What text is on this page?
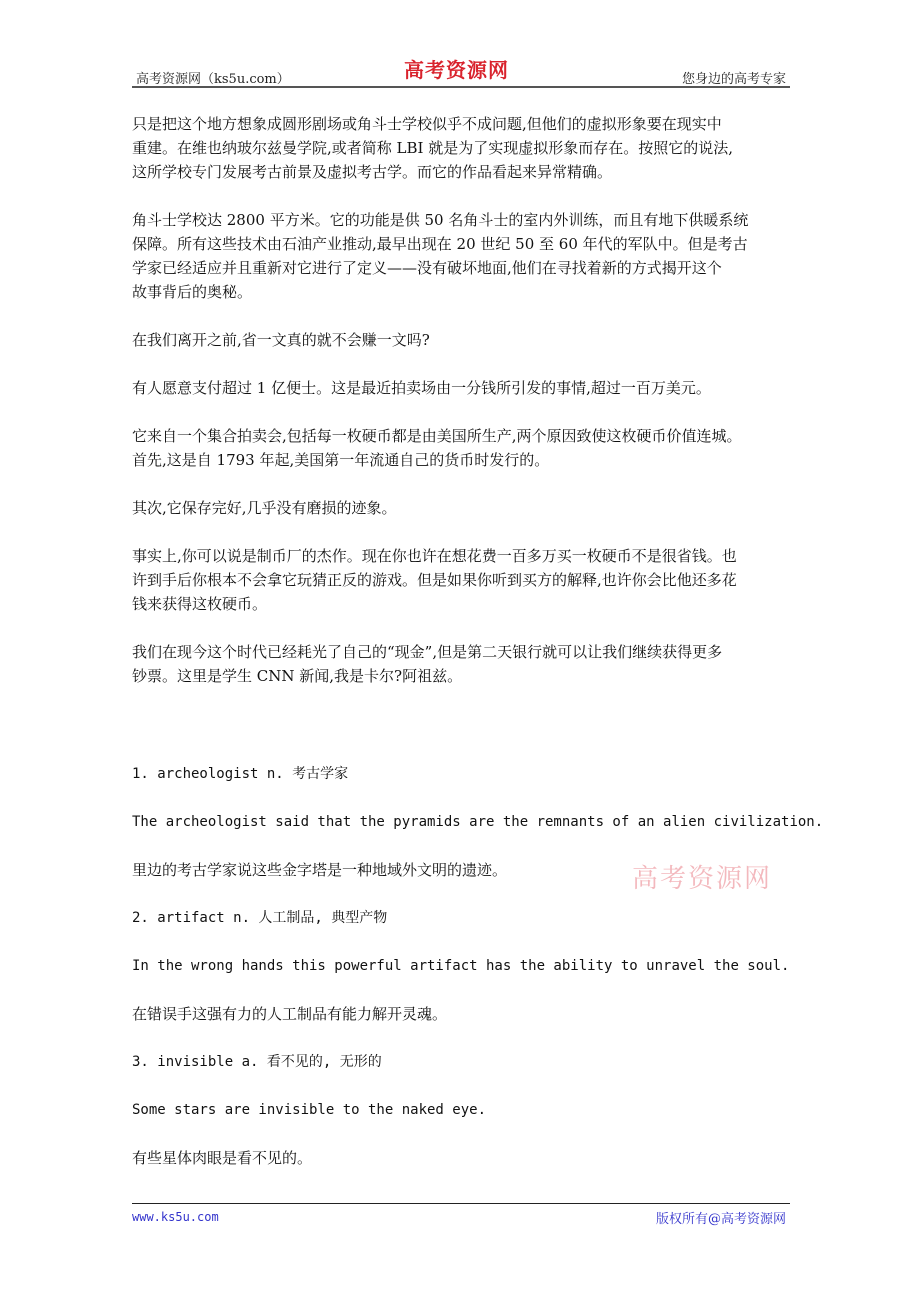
高考资源网（ks5u.com）	高考资源网	您身边的高考专家
只是把这个地方想象成圆形剧场或角斗士学校似乎不成问题,但他们的虚拟形象要在现实中
重建。在维也纳玻尔兹曼学院,或者简称 LBI 就是为了实现虚拟形象而存在。按照它的说法,
这所学校专门发展考古前景及虚拟考古学。而它的作品看起来异常精确。
角斗士学校达 2800 平方米。它的功能是供 50 名角斗士的室内外训练，而且有地下供暖系统
保障。所有这些技术由石油产业推动,最早出现在 20 世纪 50 至 60 年代的军队中。但是考古
学家已经适应并且重新对它进行了定义——没有破坏地面,他们在寻找着新的方式揭开这个
故事背后的奥秘。
在我们离开之前,省一文真的就不会赚一文吗?
有人愿意支付超过 1 亿便士。这是最近拍卖场由一分钱所引发的事情,超过一百万美元。
它来自一个集合拍卖会,包括每一枚硬币都是由美国所生产,两个原因致使这枚硬币价值连城。
首先,这是自 1793 年起,美国第一年流通自己的货币时发行的。
其次,它保存完好,几乎没有磨损的迹象。
事实上,你可以说是制币厂的杰作。现在你也许在想花费一百多万买一枚硬币不是很省钱。也
许到手后你根本不会拿它玩猜正反的游戏。但是如果你听到买方的解释,也许你会比他还多花
钱来获得这枚硬币。
我们在现今这个时代已经耗光了自己的“现金”,但是第二天银行就可以让我们继续获得更多
钞票。这里是学生 CNN 新闻,我是卡尔?阿祖兹。
1. archeologist n. 考古学家
The archeologist said that the pyramids are the remnants of an alien civilization.
里边的考古学家说这些金字塔是一种地域外文明的遗迹。
2. artifact n. 人工制品, 典型产物
In the wrong hands this powerful artifact has the ability to unravel the soul.
在错误手这强有力的人工制品有能力解开灵魂。
3. invisible a. 看不见的, 无形的
Some stars are invisible to the naked eye.
有些星体肉眼是看不见的。
高考资源网
www.ks5u.com	版权所有@高考资源网
